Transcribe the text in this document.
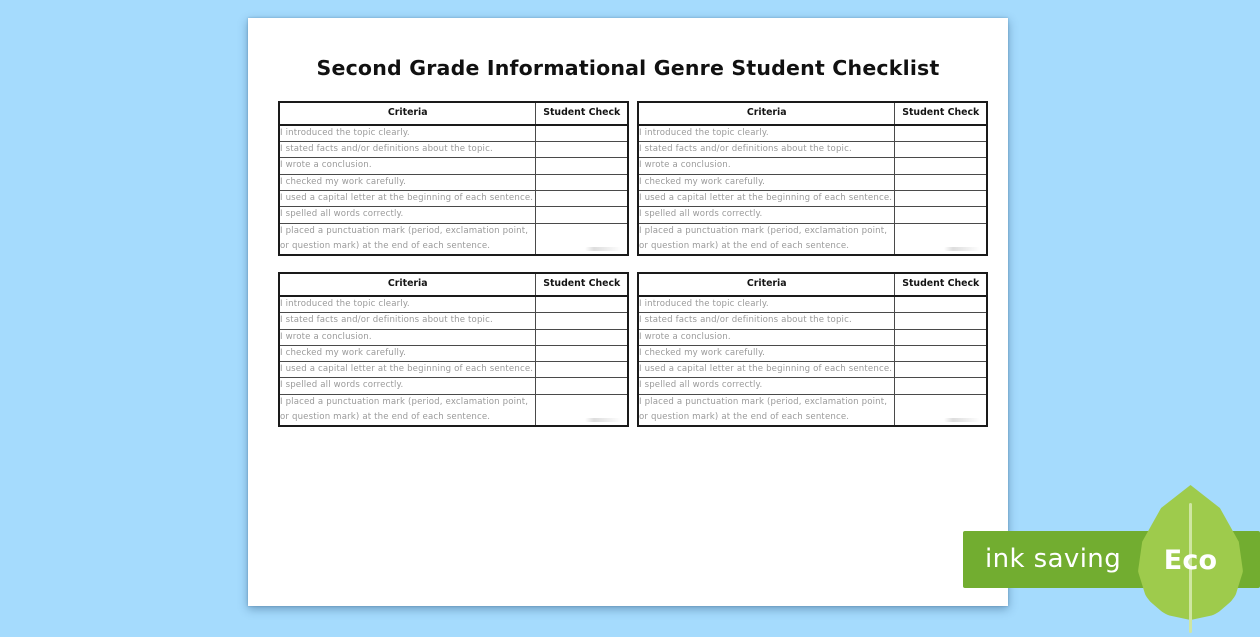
Second Grade Informational Genre Student Checklist
Criteria	Student Check

I introduced the topic clearly.	
I stated facts and/or definitions about the topic.	
I wrote a conclusion.	
I checked my work carefully.	
I used a capital letter at the beginning of each sentence.	
I spelled all words correctly.	
I placed a punctuation mark (period, exclamation point, or question mark) at the end of each sentence.	
Criteria	Student Check

I introduced the topic clearly.	
I stated facts and/or definitions about the topic.	
I wrote a conclusion.	
I checked my work carefully.	
I used a capital letter at the beginning of each sentence.	
I spelled all words correctly.	
I placed a punctuation mark (period, exclamation point, or question mark) at the end of each sentence.	
Criteria	Student Check

I introduced the topic clearly.	
I stated facts and/or definitions about the topic.	
I wrote a conclusion.	
I checked my work carefully.	
I used a capital letter at the beginning of each sentence.	
I spelled all words correctly.	
I placed a punctuation mark (period, exclamation point, or question mark) at the end of each sentence.	
Criteria	Student Check

I introduced the topic clearly.	
I stated facts and/or definitions about the topic.	
I wrote a conclusion.	
I checked my work carefully.	
I used a capital letter at the beginning of each sentence.	
I spelled all words correctly.	
I placed a punctuation mark (period, exclamation point, or question mark) at the end of each sentence.	
ink saving	Eco
